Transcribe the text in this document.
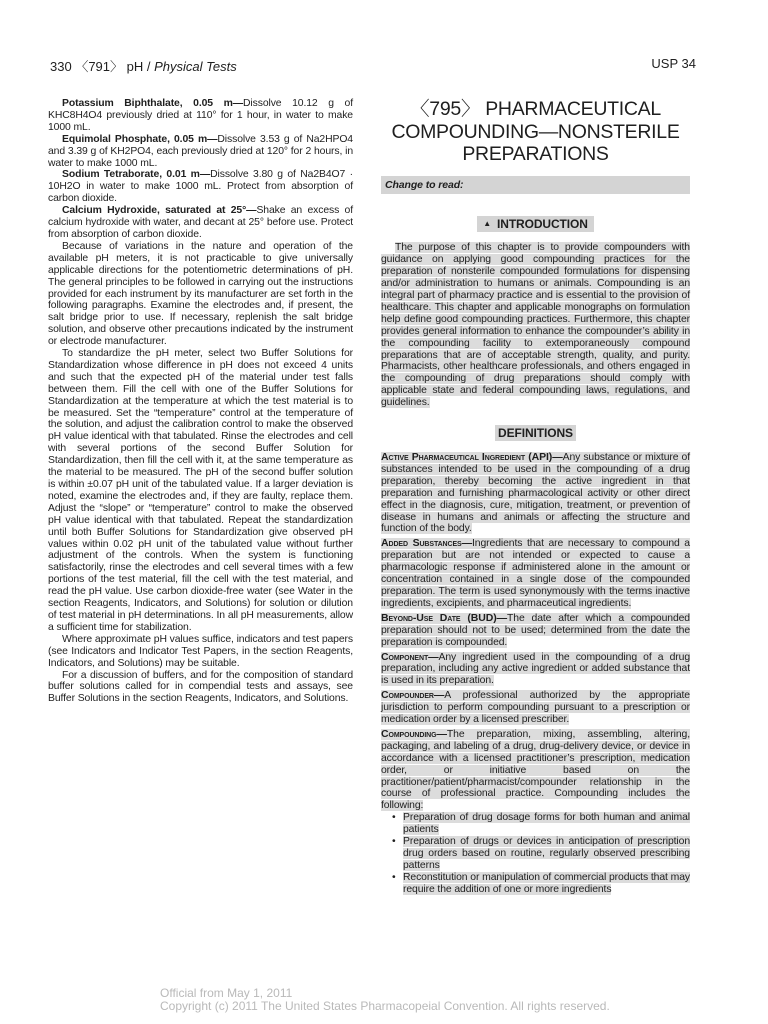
330 〈791〉 pH / Physical Tests	USP 34

Potassium Biphthalate, 0.05 m—Dissolve 10.12 g of KHC8H4O4 previously dried at 110° for 1 hour, in water to make 1000 mL.

Equimolal Phosphate, 0.05 m—Dissolve 3.53 g of Na2HPO4 and 3.39 g of KH2PO4, each previously dried at 120° for 2 hours, in water to make 1000 mL.

Sodium Tetraborate, 0.01 m—Dissolve 3.80 g of Na2B4O7 · 10H2O in water to make 1000 mL. Protect from absorption of carbon dioxide.

Calcium Hydroxide, saturated at 25°—Shake an excess of calcium hydroxide with water, and decant at 25° before use. Protect from absorption of carbon dioxide.

Because of variations in the nature and operation of the available pH meters, it is not practicable to give universally applicable directions for the potentiometric determinations of pH. The general principles to be followed in carrying out the instructions provided for each instrument by its manufacturer are set forth in the following paragraphs. Examine the electrodes and, if present, the salt bridge prior to use. If necessary, replenish the salt bridge solution, and observe other precautions indicated by the instrument or electrode manufacturer.

To standardize the pH meter, select two Buffer Solutions for Standardization whose difference in pH does not exceed 4 units and such that the expected pH of the material under test falls between them. Fill the cell with one of the Buffer Solutions for Standardization at the temperature at which the test material is to be measured. Set the “temperature” control at the temperature of the solution, and adjust the calibration control to make the observed pH value identical with that tabulated. Rinse the electrodes and cell with several portions of the second Buffer Solution for Standardization, then fill the cell with it, at the same temperature as the material to be measured. The pH of the second buffer solution is within ±0.07 pH unit of the tabulated value. If a larger deviation is noted, examine the electrodes and, if they are faulty, replace them. Adjust the “slope” or “temperature” control to make the observed pH value identical with that tabulated. Repeat the standardization until both Buffer Solutions for Standardization give observed pH values within 0.02 pH unit of the tabulated value without further adjustment of the controls. When the system is functioning satisfactorily, rinse the electrodes and cell several times with a few portions of the test material, fill the cell with the test material, and read the pH value. Use carbon dioxide-free water (see Water in the section Reagents, Indicators, and Solutions) for solution or dilution of test material in pH determinations. In all pH measurements, allow a sufficient time for stabilization.

Where approximate pH values suffice, indicators and test papers (see Indicators and Indicator Test Papers, in the section Reagents, Indicators, and Solutions) may be suitable.

For a discussion of buffers, and for the composition of standard buffer solutions called for in compendial tests and assays, see Buffer Solutions in the section Reagents, Indicators, and Solutions.

〈795〉 PHARMACEUTICAL
COMPOUNDING—NONSTERILE
PREPARATIONS
Change to read:
▲ INTRODUCTION

The purpose of this chapter is to provide compounders with guidance on applying good compounding practices for the preparation of nonsterile compounded formulations for dispensing and/or administration to humans or animals. Compounding is an integral part of pharmacy practice and is essential to the provision of healthcare. This chapter and applicable monographs on formulation help define good compounding practices. Furthermore, this chapter provides general information to enhance the compounder’s ability in the compounding facility to extemporaneously compound preparations that are of acceptable strength, quality, and purity. Pharmacists, other healthcare professionals, and others engaged in the compounding of drug preparations should comply with applicable state and federal compounding laws, regulations, and guidelines.

DEFINITIONS

Active Pharmaceutical Ingredient (API)—Any substance or mixture of substances intended to be used in the compounding of a drug preparation, thereby becoming the active ingredient in that preparation and furnishing pharmacological activity or other direct effect in the diagnosis, cure, mitigation, treatment, or prevention of disease in humans and animals or affecting the structure and function of the body.

Added Substances—Ingredients that are necessary to compound a preparation but are not intended or expected to cause a pharmacologic response if administered alone in the amount or concentration contained in a single dose of the compounded preparation. The term is used synonymously with the terms inactive ingredients, excipients, and pharmaceutical ingredients.

Beyond-Use Date (BUD)—The date after which a compounded preparation should not to be used; determined from the date the preparation is compounded.

Component—Any ingredient used in the compounding of a drug preparation, including any active ingredient or added substance that is used in its preparation.

Compounder—A professional authorized by the appropriate jurisdiction to perform compounding pursuant to a prescription or medication order by a licensed prescriber.

Compounding—The preparation, mixing, assembling, altering, packaging, and labeling of a drug, drug-delivery device, or device in accordance with a licensed practitioner’s prescription, medication order, or initiative based on the practitioner/patient/pharmacist/compounder relationship in the course of professional practice. Compounding includes the following:

• Preparation of drug dosage forms for both human and animal patients
• Preparation of drugs or devices in anticipation of prescription drug orders based on routine, regularly observed prescribing patterns
• Reconstitution or manipulation of commercial products that may require the addition of one or more ingredients
Official from May 1, 2011
Copyright (c) 2011 The United States Pharmacopeial Convention. All rights reserved.
